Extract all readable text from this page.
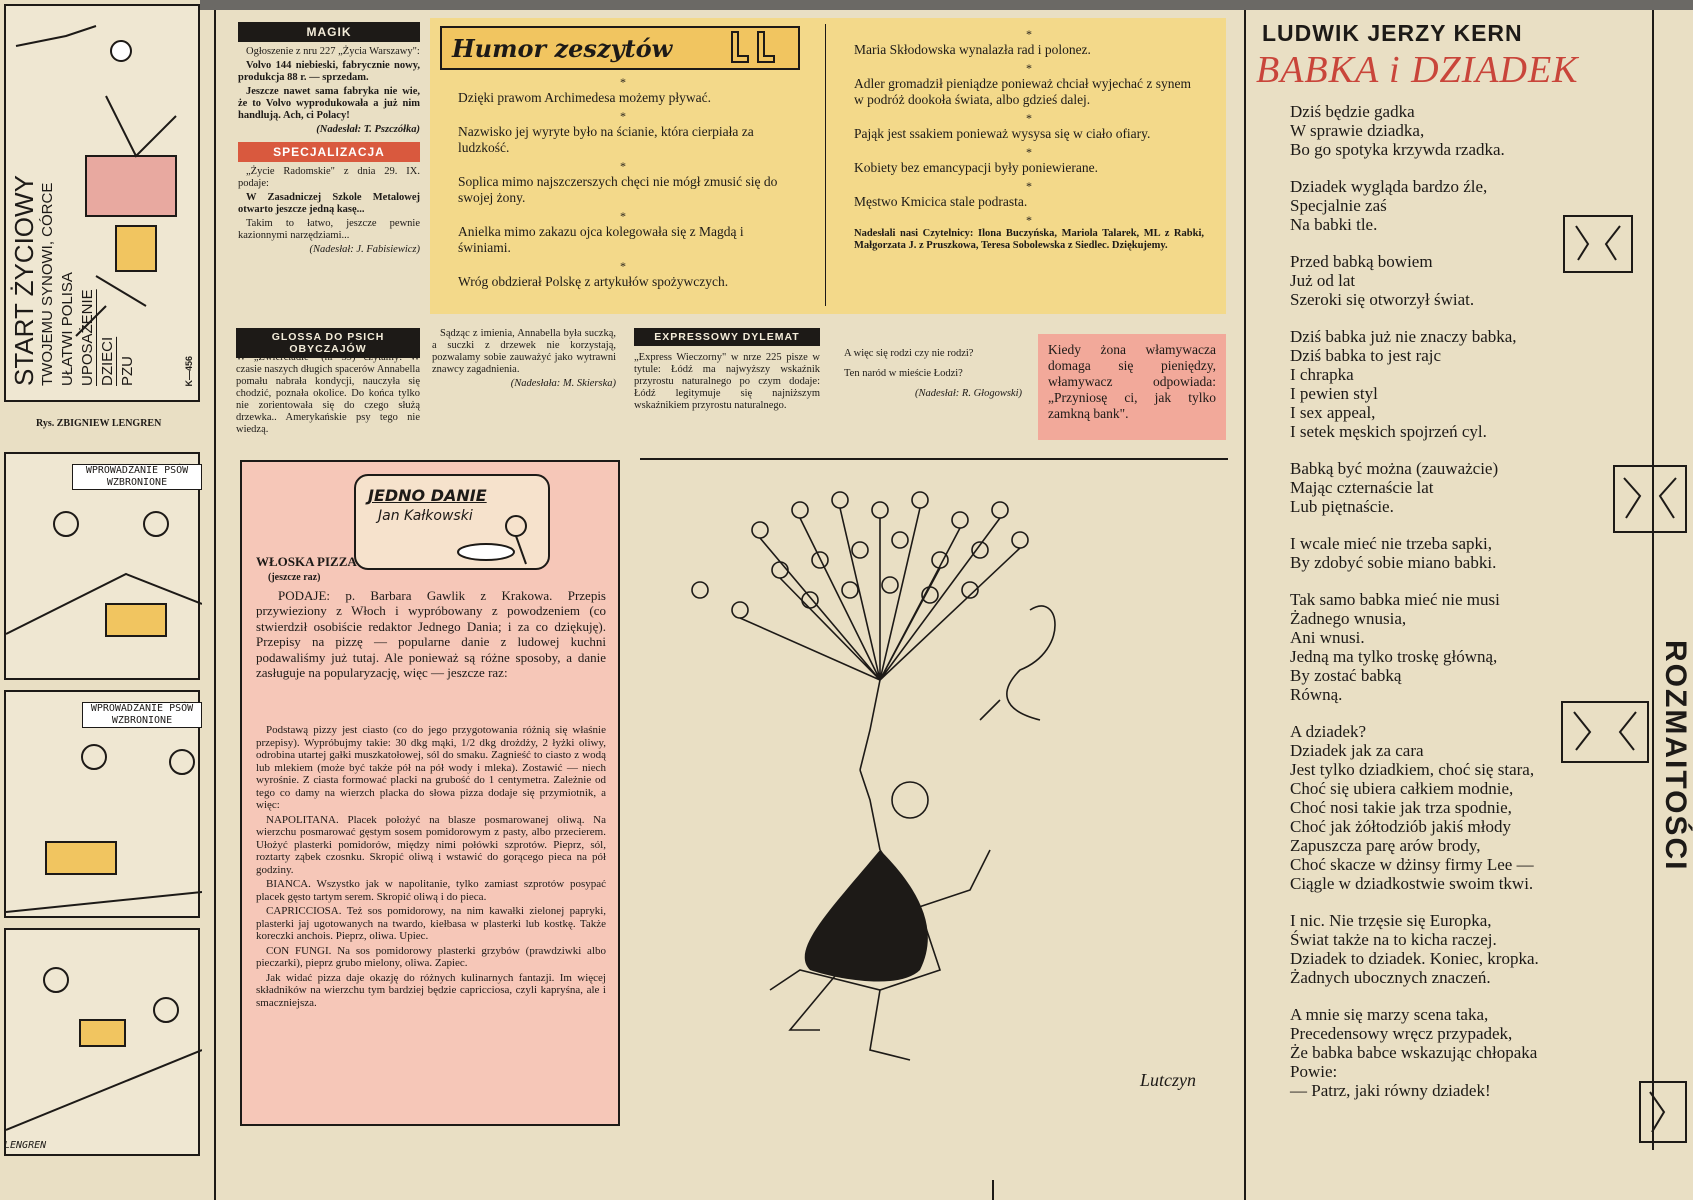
START ŻYCIOWY TWOJEMU SYNOWI, CÓRCE UŁATWI POLISA UPOSAŻENIE DZIECI PZU	K—456
Rys. ZBIGNIEW LENGREN
WPROWADZANIE PSÓW WZBRONIONE
WPROWADZANIE PSÓW WZBRONIONE
LENGREN
MAGIK

Ogłoszenie z nru 227 „Życia Warszawy":

Volvo 144 niebieski, fabrycznie nowy, produkcja 88 r. — sprzedam.

Jeszcze nawet sama fabryka nie wie, że to Volvo wyprodukowała a już nim handlują. Ach, ci Polacy!

(Nadesłał: T. Pszczółka)

SPECJALIZACJA

„Życie Radomskie" z dnia 29. IX. podaje:

W Zasadniczej Szkole Metalowej otwarto jeszcze jedną kasę...

Takim to łatwo, jeszcze pewnie kazionnymi narzędziami...

(Nadesłał: J. Fabisiewicz)

Humor zeszytów
*

Dzięki prawom Archimedesa możemy pływać.

*

Nazwisko jej wyryte było na ścianie, która cierpiała za ludzkość.

*

Soplica mimo najszczerszych chęci nie mógł zmusić się do swojej żony.

*

Anielka mimo zakazu ojca kolegowała się z Magdą i świniami.

*

Wróg obdzierał Polskę z artykułów spożywczych.

*

Maria Skłodowska wynalazła rad i polonez.

*

Adler gromadził pieniądze ponieważ chciał wyjechać z synem w podróż dookoła świata, albo gdzieś dalej.

*

Pająk jest ssakiem ponieważ wysysa się w ciało ofiary.

*

Kobiety bez emancypacji były poniewierane.

*

Męstwo Kmicica stale podrasta.

*

Nadesłali nasi Czytelnicy: Ilona Buczyńska, Mariola Talarek, ML z Rabki, Małgorzata J. z Pruszkowa, Teresa Sobolewska z Siedlec. Dziękujemy.

GLOSSA DO PSICH OBYCZAJÓW
W „Zwierciadle" (nr 39) czytamy: W czasie naszych długich spacerów Annabella pomału nabrała kondycji, nauczyła się chodzić, poznała okolice. Do końca tylko nie zorientowała się do czego służą drzewka.. Amerykańskie psy tego nie wiedzą.

Sądząc z imienia, Annabella była suczką, a suczki z drzewek nie korzystają, pozwalamy sobie zauważyć jako wytrawni znawcy zagadnienia.

(Nadesłała: M. Skierska)

EXPRESSOWY DYLEMAT
„Express Wieczorny" w nrze 225 pisze w tytule: Łódź ma najwyższy wskaźnik przyrostu naturalnego po czym dodaje: Łódź legitymuje się najniższym wskaźnikiem przyrostu naturalnego.

A więc się rodzi czy nie rodzi?

Ten naród w mieście Łodzi?

(Nadesłał: R. Głogowski)

Kiedy żona włamywacza domaga się pieniędzy, włamywacz odpowiada: „Przyniosę ci, jak tylko zamkną bank".
JEDNO DANIE
Jan Kałkowski
WŁOSKA PIZZA
(jeszcze raz)
PODAJE: p. Barbara Gawlik z Krakowa. Przepis przywieziony z Włoch i wypróbowany z powodzeniem (co stwierdził osobiście redaktor Jednego Dania; i za co dziękuję). Przepisy na pizzę — popularne danie z ludowej kuchni podawaliśmy już tutaj. Ale ponieważ są różne sposoby, a danie zasługuje na popularyzację, więc — jeszcze raz:

Podstawą pizzy jest ciasto (co do jego przygotowania różnią się właśnie przepisy). Wypróbujmy takie: 30 dkg mąki, 1/2 dkg drożdży, 2 łyżki oliwy, odrobina utartej gałki muszkatołowej, sól do smaku. Zagnieść to ciasto z wodą lub mlekiem (może być także pół na pół wody i mleka). Zostawić — niech wyrośnie. Z ciasta formować placki na grubość do 1 centymetra. Zależnie od tego co damy na wierzch placka do słowa pizza dodaje się przymiotnik, a więc:

NAPOLITANA. Placek położyć na blasze posmarowanej oliwą. Na wierzchu posmarować gęstym sosem pomidorowym z pasty, albo przecierem. Ułożyć plasterki pomidorów, między nimi połówki szprotów. Pieprz, sól, roztarty ząbek czosnku. Skropić oliwą i wstawić do gorącego pieca na pół godziny.

BIANCA. Wszystko jak w napolitanie, tylko zamiast szprotów posypać placek gęsto tartym serem. Skropić oliwą i do pieca.

CAPRICCIOSA. Też sos pomidorowy, na nim kawałki zielonej papryki, plasterki jaj ugotowanych na twardo, kiełbasa w plasterki lub kostkę. Także koreczki anchois. Pieprz, oliwa. Upiec.

CON FUNGI. Na sos pomidorowy plasterki grzybów (prawdziwki albo pieczarki), pieprz grubo mielony, oliwa. Zapiec.

Jak widać pizza daje okazję do różnych kulinarnych fantazji. Im więcej składników na wierzchu tym bardziej będzie capricciosa, czyli kapryśna, ale i smaczniejsza.

Lutczyn
LUDWIK JERZY KERN
BABKA i DZIADEK

Dziś będzie gadka
W sprawie dziadka,
Bo go spotyka krzywda rzadka.

Dziadek wygląda bardzo źle,
Specjalnie zaś
Na babki tle.

Przed babką bowiem
Już od lat
Szeroki się otworzył świat.

Dziś babka już nie znaczy babka,
Dziś babka to jest rajc
I chrapka
I pewien styl
I sex appeal,
I setek męskich spojrzeń cyl.

Babką być można (zauważcie)
Mając czternaście lat
Lub piętnaście.

I wcale mieć nie trzeba sapki,
By zdobyć sobie miano babki.

Tak samo babka mieć nie musi
Żadnego wnusia,
Ani wnusi.
Jedną ma tylko troskę główną,
By zostać babką
Równą.

A dziadek?
Dziadek jak za cara
Jest tylko dziadkiem, choć się stara,
Choć się ubiera całkiem modnie,
Choć nosi takie jak trza spodnie,
Choć jak żółtodziób jakiś młody
Zapuszcza parę arów brody,
Choć skacze w dżinsy firmy Lee —
Ciągle w dziadkostwie swoim tkwi.

I nic. Nie trzęsie się Europka,
Świat także na to kicha raczej.
Dziadek to dziadek. Koniec, kropka.
Żadnych ubocznych znaczeń.

A mnie się marzy scena taka,
Precedensowy wręcz przypadek,
Że babka babce wskazując chłopaka
Powie:
— Patrz, jaki równy dziadek!

ROZMAITOŚCI
